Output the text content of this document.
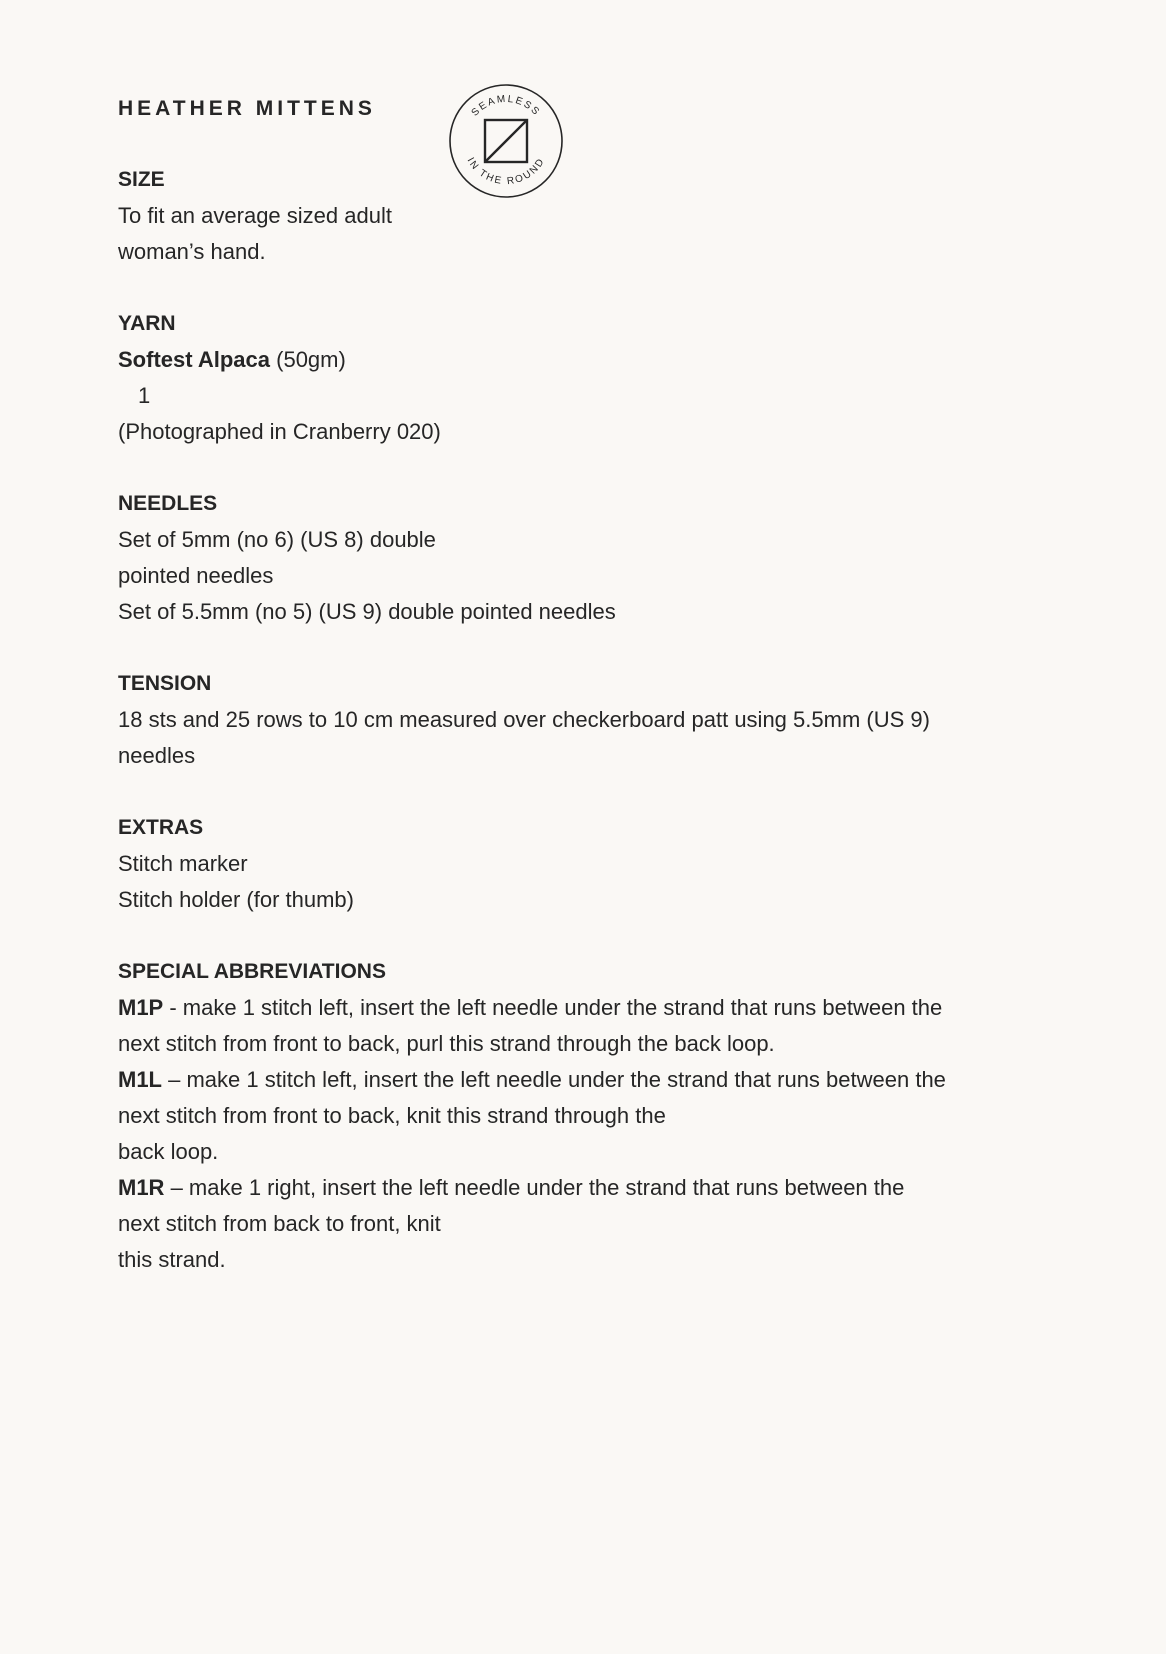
HEATHER MITTENS
SIZE

To fit an average sized adult

woman’s hand.

YARN

Softest Alpaca (50gm)

1

(Photographed in Cranberry 020)

NEEDLES

Set of 5mm (no 6) (US 8) double

pointed needles

Set of 5.5mm (no 5) (US 9) double pointed needles

TENSION

18 sts and 25 rows to 10 cm measured over checkerboard patt using 5.5mm (US 9)

needles

EXTRAS

Stitch marker

Stitch holder (for thumb)

SPECIAL ABBREVIATIONS

M1P - make 1 stitch left, insert the left needle under the strand that runs between the

next stitch from front to back, purl this strand through the back loop.

M1L – make 1 stitch left, insert the left needle under the strand that runs between the

next stitch from front to back, knit this strand through the

back loop.

M1R – make 1 right, insert the left needle under the strand that runs between the

next stitch from back to front, knit

this strand.

SEAMLESS
IN THE ROUND
